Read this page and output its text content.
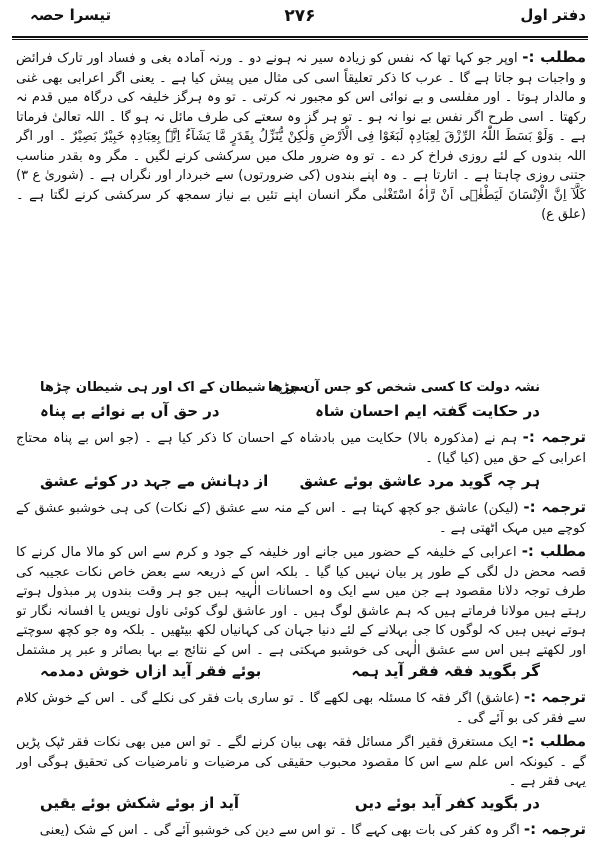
دفتر اول
۲۷۶
تیسرا حصہ
مطلب :- اوپر جو کہا تھا کہ نفس کو زیادہ سیر نہ ہونے دو ۔ ورنہ آمادہ بغی و فساد اور تارک فرائض و واجبات ہو جاتا ہے گا ۔ عرب کا ذکر تعلیقاً اسی کی مثال میں پیش کیا ہے ۔ یعنی اگر اعرابی بھی غنی و مالدار ہوتا ۔ اور مفلسی و بے نوائی اس کو مجبور نہ کرتی ۔ تو وہ ہرگز خلیفہ کی درگاہ میں قدم نہ رکھتا ۔ اسی طرح اگر نفس بے نوا نہ ہو ۔ تو ہر گز وہ سعتے کی طرف مائل نہ ہو گا ۔ اللہ تعالیٰ فرماتا ہے ۔ وَلَوْ بَسَطَ اللّٰہُ الرِّزْقَ لِعِبَادِہٖ لَبَغَوْا فِی الْاَرْضِ وَلٰکِنْ یُّنَزِّلُ بِقَدَرٍ مَّا یَشَآءُ اِنَّہٗ بِعِبَادِہٖ خَبِیْرٌ بَصِیْرٌ ۔ اور اگر اللہ بندوں کے لئے روزی فراخ کر دے ۔ تو وہ ضرور ملک میں سرکشی کرنے لگیں ۔ مگر وہ بقدر مناسب جتنی روزی چاہتا ہے ۔ اتارتا ہے ۔ وہ اپنے بندوں (کی ضرورتوں) سے خبردار اور نگراں ہے ۔ (شوریٰ ع ۳) کَلَّآ اِنَّ الْاِنْسَانَ لَیَطْغٰۤی اَنْ رَّاٰہُ اسْتَغْنٰی مگر انسان اپنے تئیں بے نیاز سمجھ کر سرکشی کرنے لگتا ہے ۔ (علق ع)
نشہ دولت کا کسی شخص کو جس آن چڑھا
سر پہ شیطان کے اک اور ہی شیطان چڑھا
در حکایت گفتہ ایم احسان شاہ
در حق آں بے نوائے بے پناہ
ترجمہ :- ہم نے (مذکورہ بالا) حکایت میں بادشاہ کے احسان کا ذکر کیا ہے ۔ (جو اس بے پناہ محتاج اعرابی کے حق میں (کیا گیا) ۔
ہر چہ گوید مرد عاشق بوئے عشق
از دہانش مے جہد در کوئے عشق
ترجمہ :- (لیکن) عاشق جو کچھ کہتا ہے ۔ اس کے منہ سے عشق (کے نکات) کی ہی خوشبو عشق کے کوچے میں مہک اٹھتی ہے ۔
مطلب :- اعرابی کے خلیفہ کے حضور میں جانے اور خلیفہ کے جود و کرم سے اس کو مالا مال کرنے کا قصہ محض دل لگی کے طور پر بیان نہیں کیا گیا ۔ بلکہ اس کے ذریعہ سے بعض خاص نکات عجیبہ کی طرف توجہ دلانا مقصود ہے جن میں سے ایک وہ احسانات الٰہیہ ہیں جو ہر وقت بندوں پر مبذول ہوتے رہتے ہیں مولانا فرماتے ہیں کہ ہم عاشق لوگ ہیں ۔ اور عاشق لوگ کوئی ناول نویس یا افسانہ نگار تو ہوتے نہیں ہیں کہ لوگوں کا جی بہلانے کے لئے دنیا جہان کی کہانیاں لکھ بیٹھیں ۔ بلکہ وہ جو کچھ سوچتے اور لکھتے ہیں اس سے عشق الٰہی کی خوشبو مہکتی ہے ۔ اس کے نتائج بے بہا بصائر و عبر پر مشتمل
گر بگوید فقہ فقر آید ہمہ
بوئے فقر آید ازاں خوش دمدمہ
ترجمہ :- (عاشق) اگر فقہ کا مسئلہ بھی لکھے گا ۔ تو ساری بات فقر کی نکلے گی ۔ اس کے خوش کلام سے فقر کی بو آئے گی ۔
مطلب :- ایک مستغرق فقیر اگر مسائل فقہ بھی بیان کرنے لگے ۔ تو اس میں بھی نکات فقر ٹپک پڑیں گے ۔ کیونکہ اس علم سے اس کا مقصود محبوب حقیقی کی مرضیات و نامرضیات کی تحقیق ہوگی اور یہی فقر ہے ۔
در بگوید کفر آید بوئے دیں
آید از بوئے شکش بوئے یقیں
ترجمہ :- اگر وہ کفر کی بات بھی کہے گا ۔ تو اس سے دین کی خوشبو آئے گی ۔ اس کے شک (یعنی
